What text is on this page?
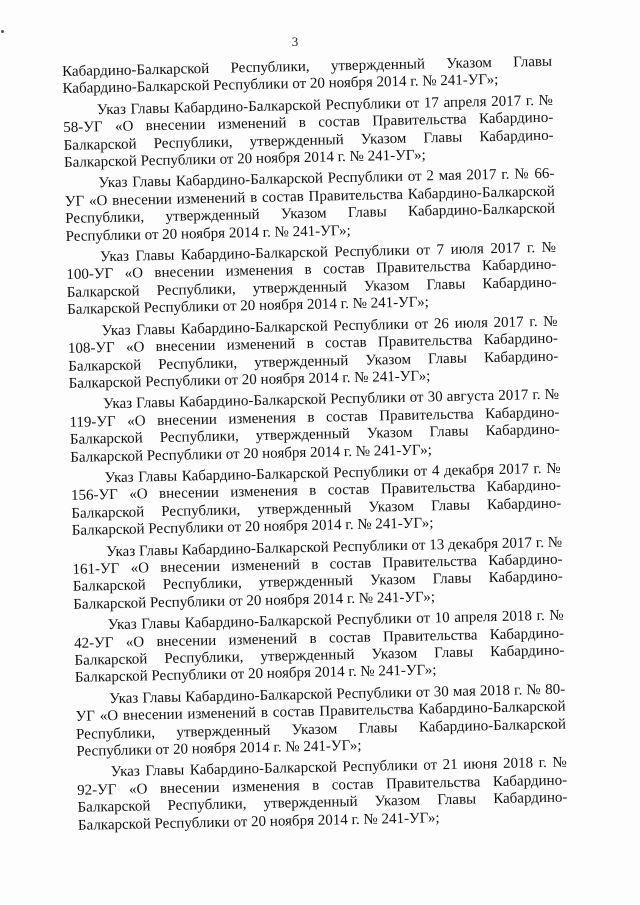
3

Кабардино-Балкарской Республики, утвержденный Указом Главы Кабардино-Балкарской Республики от 20 ноября 2014 г. № 241-УГ»;

Указ Главы Кабардино-Балкарской Республики от 17 апреля 2017 г. № 58-УГ «О внесении изменений в состав Правительства Кабардино-Балкарской Республики, утвержденный Указом Главы Кабардино-Балкарской Республики от 20 ноября 2014 г. № 241-УГ»;

Указ Главы Кабардино-Балкарской Республики от 2 мая 2017 г. № 66-УГ «О внесении изменений в состав Правительства Кабардино-Балкарской Республики, утвержденный Указом Главы Кабардино-Балкарской Республики от 20 ноября 2014 г. № 241-УГ»;

Указ Главы Кабардино-Балкарской Республики от 7 июля 2017 г. № 100-УГ «О внесении изменения в состав Правительства Кабардино-Балкарской Республики, утвержденный Указом Главы Кабардино-Балкарской Республики от 20 ноября 2014 г. № 241-УГ»;

Указ Главы Кабардино-Балкарской Республики от 26 июля 2017 г. № 108-УГ «О внесении изменений в состав Правительства Кабардино-Балкарской Республики, утвержденный Указом Главы Кабардино-Балкарской Республики от 20 ноября 2014 г. № 241-УГ»;

Указ Главы Кабардино-Балкарской Республики от 30 августа 2017 г. № 119-УГ «О внесении изменения в состав Правительства Кабардино-Балкарской Республики, утвержденный Указом Главы Кабардино-Балкарской Республики от 20 ноября 2014 г. № 241-УГ»;

Указ Главы Кабардино-Балкарской Республики от 4 декабря 2017 г. № 156-УГ «О внесении изменения в состав Правительства Кабардино-Балкарской Республики, утвержденный Указом Главы Кабардино-Балкарской Республики от 20 ноября 2014 г. № 241-УГ»;

Указ Главы Кабардино-Балкарской Республики от 13 декабря 2017 г. № 161-УГ «О внесении изменений в состав Правительства Кабардино-Балкарской Республики, утвержденный Указом Главы Кабардино-Балкарской Республики от 20 ноября 2014 г. № 241-УГ»;

Указ Главы Кабардино-Балкарской Республики от 10 апреля 2018 г. № 42-УГ «О внесении изменений в состав Правительства Кабардино-Балкарской Республики, утвержденный Указом Главы Кабардино-Балкарской Республики от 20 ноября 2014 г. № 241-УГ»;

Указ Главы Кабардино-Балкарской Республики от 30 мая 2018 г. № 80-УГ «О внесении изменений в состав Правительства Кабардино-Балкарской Республики, утвержденный Указом Главы Кабардино-Балкарской Республики от 20 ноября 2014 г. № 241-УГ»;

Указ Главы Кабардино-Балкарской Республики от 21 июня 2018 г. № 92-УГ «О внесении изменения в состав Правительства Кабардино-Балкарской Республики, утвержденный Указом Главы Кабардино-Балкарской Республики от 20 ноября 2014 г. № 241-УГ»;
